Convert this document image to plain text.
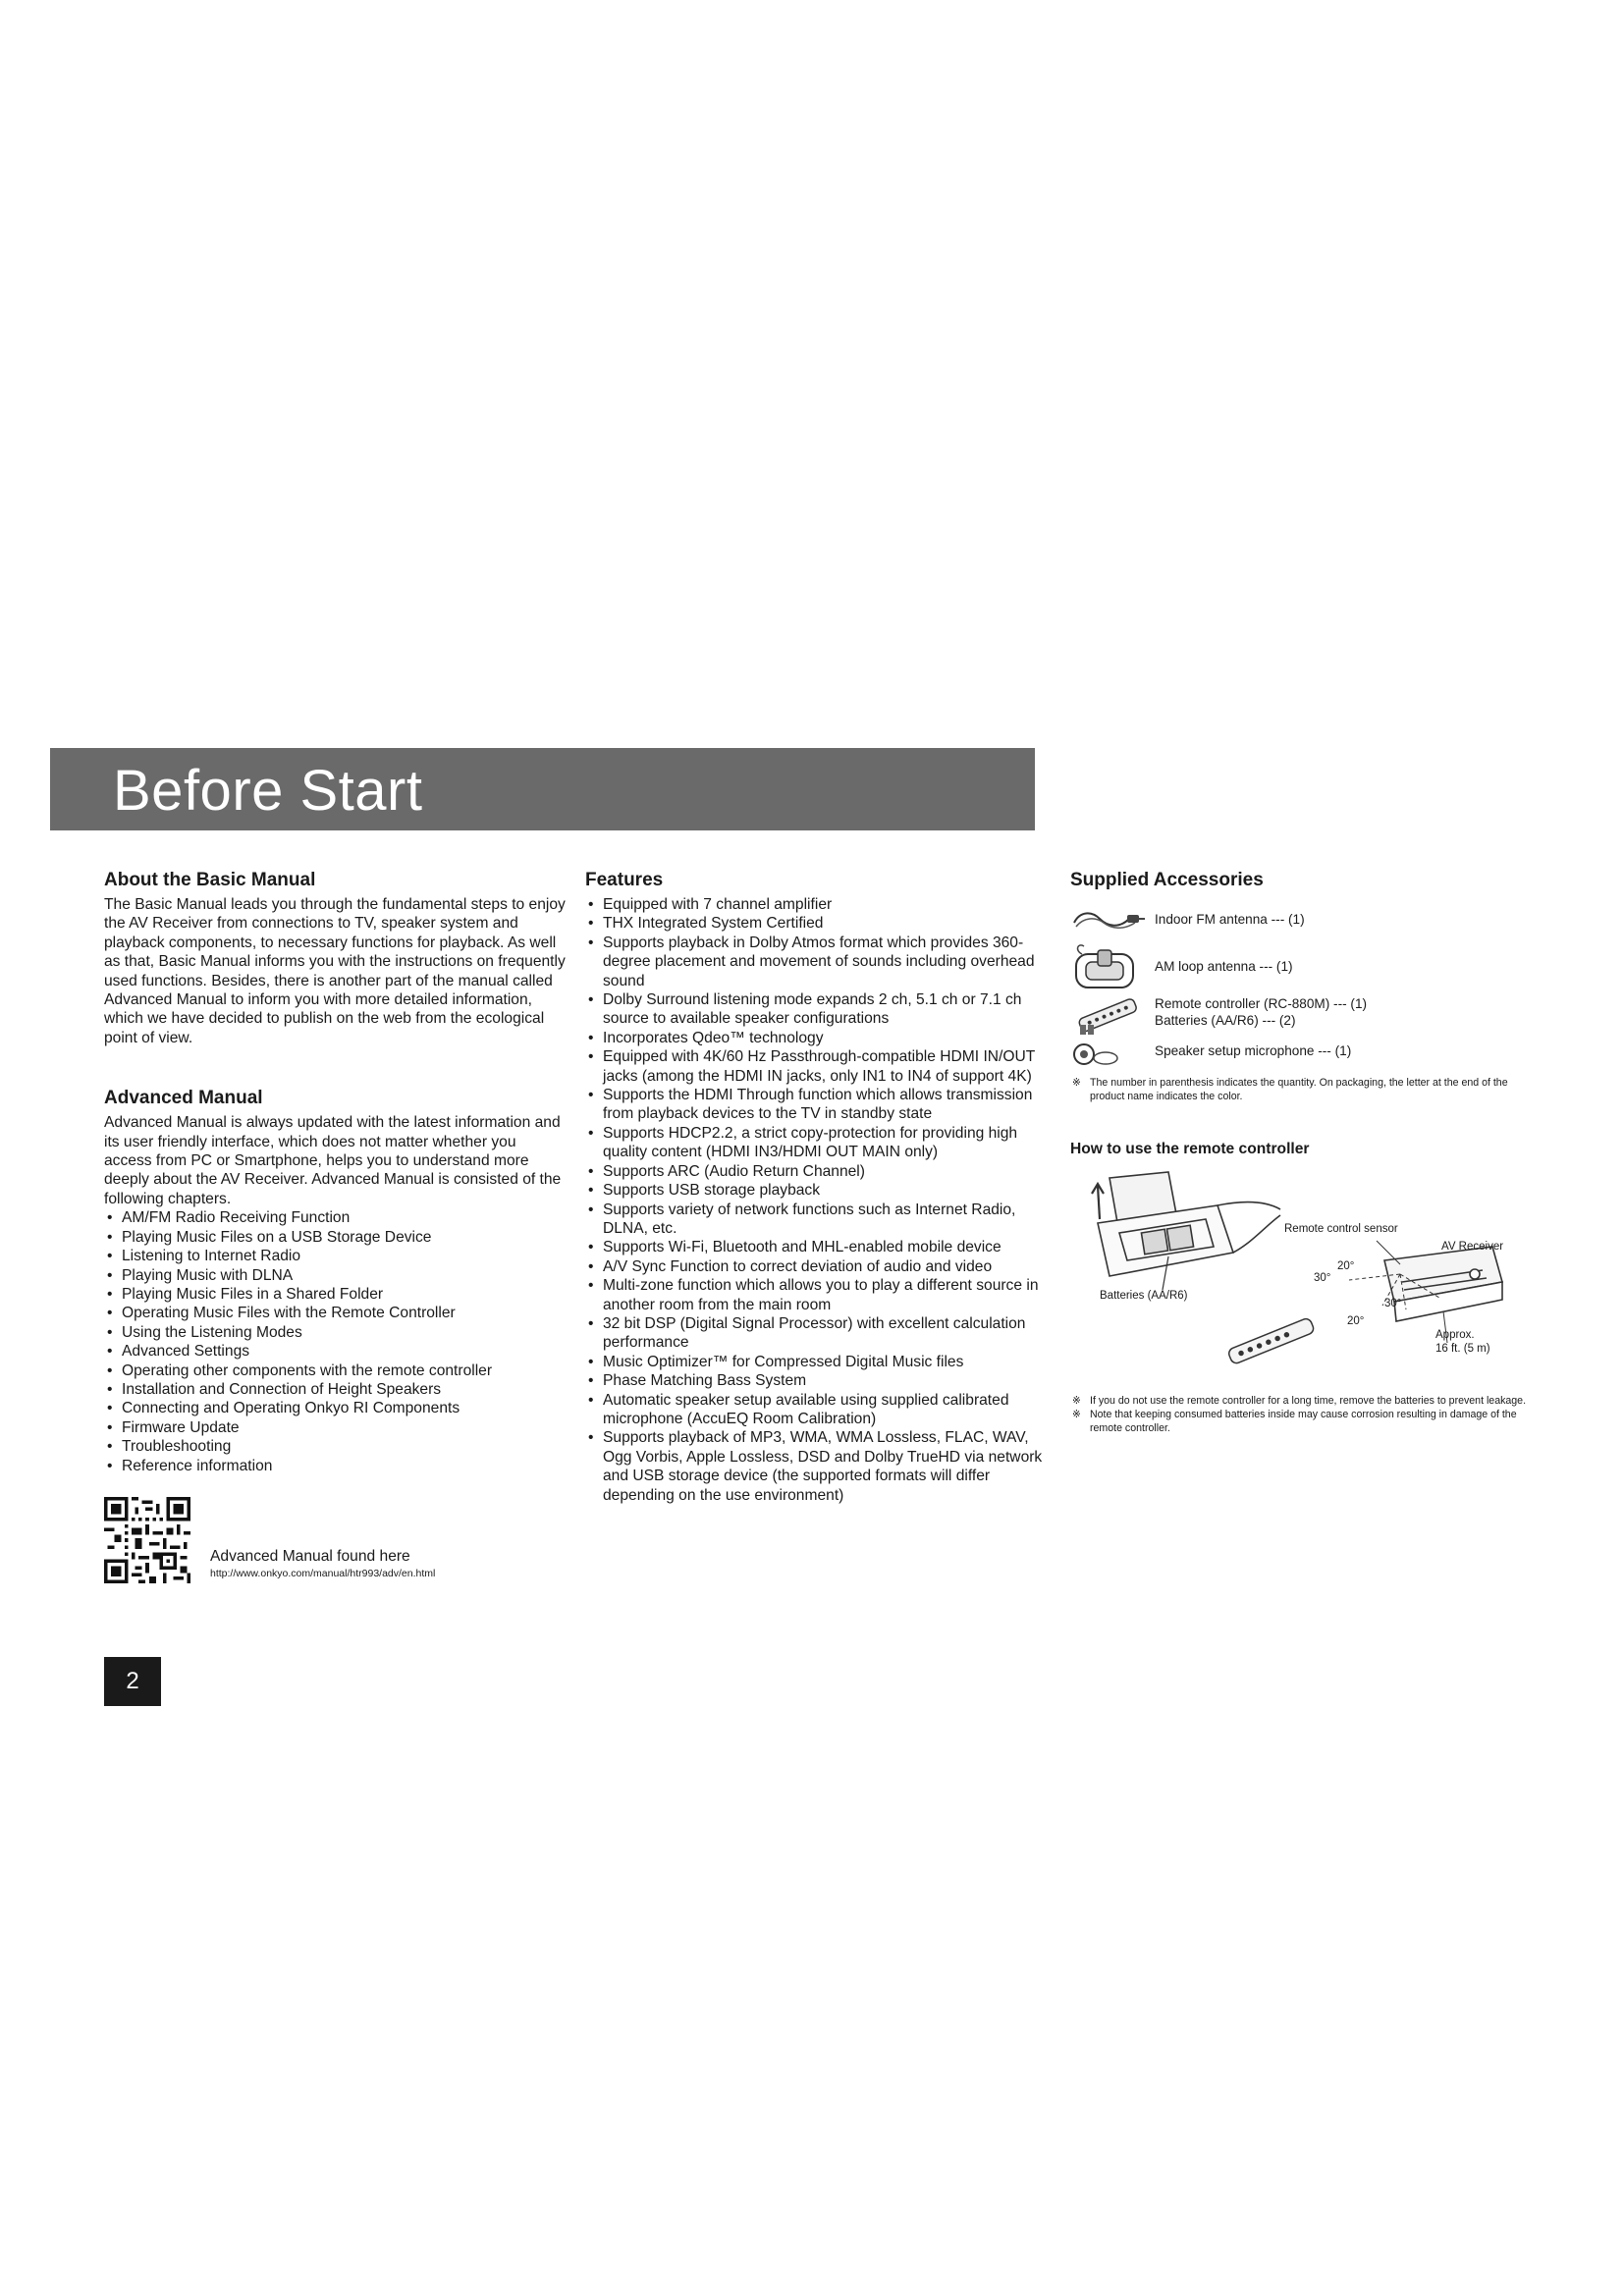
Before Start
About the Basic Manual

The Basic Manual leads you through the fundamental steps to enjoy the AV Receiver from connections to TV, speaker system and playback components, to necessary functions for playback. As well as that, Basic Manual informs you with the instructions on frequently used functions. Besides, there is another part of the manual called Advanced Manual to inform you with more detailed information, which we have decided to publish on the web from the ecological point of view.

Advanced Manual

Advanced Manual is always updated with the latest information and its user friendly interface, which does not matter whether you access from PC or Smartphone, helps you to understand more deeply about the AV Receiver. Advanced Manual is consisted of the following chapters.

• AM/FM Radio Receiving Function
• Playing Music Files on a USB Storage Device
• Listening to Internet Radio
• Playing Music with DLNA
• Playing Music Files in a Shared Folder
• Operating Music Files with the Remote Controller
• Using the Listening Modes
• Advanced Settings
• Operating other components with the remote controller
• Installation and Connection of Height Speakers
• Connecting and Operating Onkyo RI Components
• Firmware Update
• Troubleshooting
• Reference information
Advanced Manual found here
http://www.onkyo.com/manual/htr993/adv/en.html
Features
• Equipped with 7 channel amplifier
• THX Integrated System Certified
• Supports playback in Dolby Atmos format which provides 360-degree placement and movement of sounds including overhead sound
• Dolby Surround listening mode expands 2 ch, 5.1 ch or 7.1 ch source to available speaker configurations
• Incorporates Qdeo™ technology
• Equipped with 4K/60 Hz Passthrough-compatible HDMI IN/OUT jacks (among the HDMI IN jacks, only IN1 to IN4 of support 4K)
• Supports the HDMI Through function which allows transmission from playback devices to the TV in standby state
• Supports HDCP2.2, a strict copy-protection for providing high quality content (HDMI IN3/HDMI OUT MAIN only)
• Supports ARC (Audio Return Channel)
• Supports USB storage playback
• Supports variety of network functions such as Internet Radio, DLNA, etc.
• Supports Wi-Fi, Bluetooth and MHL-enabled mobile device
• A/V Sync Function to correct deviation of audio and video
• Multi-zone function which allows you to play a different source in another room from the main room
• 32 bit DSP (Digital Signal Processor) with excellent calculation performance
• Music Optimizer™ for Compressed Digital Music files
• Phase Matching Bass System
• Automatic speaker setup available using supplied calibrated microphone (AccuEQ Room Calibration)
• Supports playback of MP3, WMA, WMA Lossless, FLAC, WAV, Ogg Vorbis, Apple Lossless, DSD and Dolby TrueHD via network and USB storage device (the supported formats will differ depending on the use environment)
Supplied Accessories
Indoor FM antenna --- (1)
AM loop antenna --- (1)
Remote controller (RC-880M) --- (1)
Batteries (AA/R6) --- (2)
Speaker setup microphone --- (1)
※ The number in parenthesis indicates the quantity. On packaging, the letter at the end of the product name indicates the color.
How to use the remote controller
Remote control sensor
AV Receiver
Batteries (AA/R6)
20°
30°
30°
20°
Approx.
16 ft. (5 m)
※ If you do not use the remote controller for a long time, remove the batteries to prevent leakage.
※ Note that keeping consumed batteries inside may cause corrosion resulting in damage of the remote controller.
2
